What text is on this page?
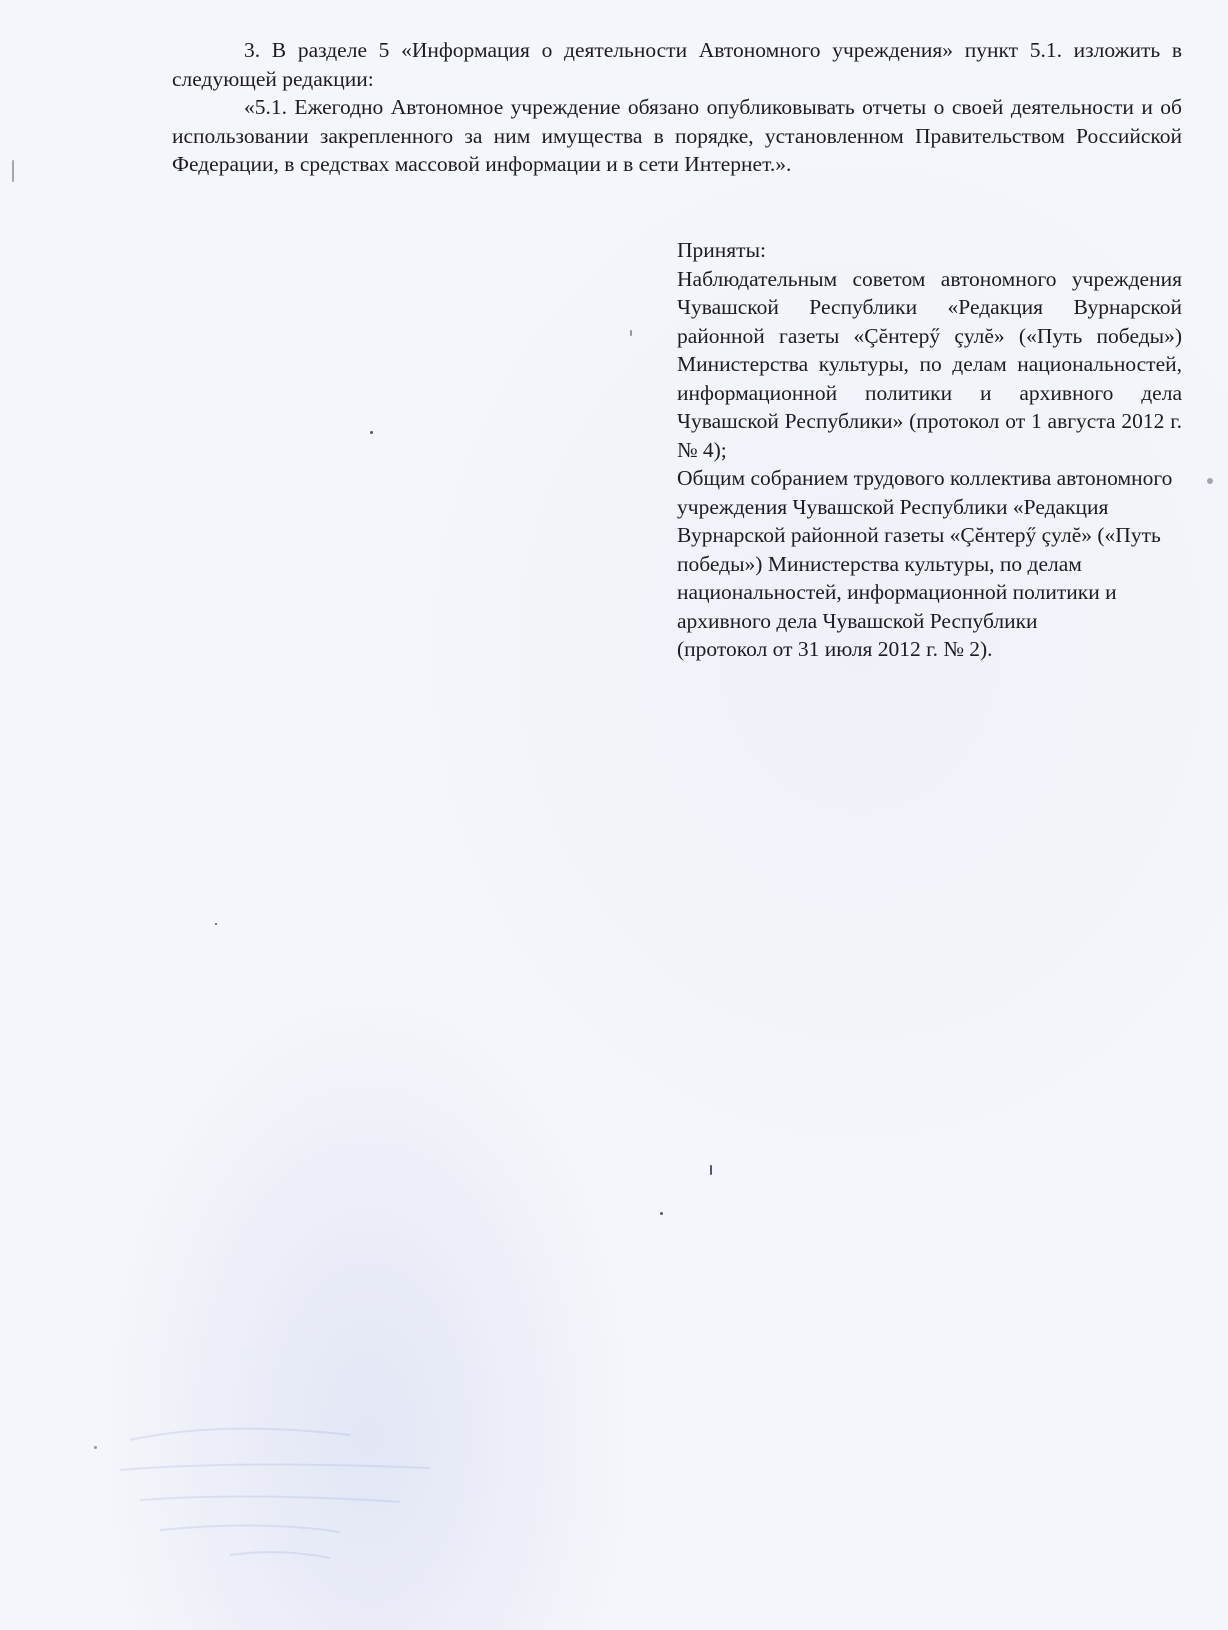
3. В разделе 5 «Информация о деятельности Автономного учреждения» пункт 5.1. изложить в следующей редакции:

«5.1. Ежегодно Автономное учреждение обязано опубликовывать отчеты о своей деятельности и об использовании закрепленного за ним имущества в порядке, установленном Правительством Российской Федерации, в средствах массовой информации и в сети Интернет.».

Приняты:

Наблюдательным советом автономного учреждения Чувашской Республики «Редакция Вурнарской районной газеты «Çĕнтерӳ çулĕ» («Путь победы») Министерства культуры, по делам национальностей, информационной политики и архивного дела Чувашской Республики» (протокол от 1 августа 2012 г. № 4);

Общим собранием трудового коллектива автономного учреждения Чувашской Республики «Редакция Вурнарской районной газеты «Çĕнтерӳ çулĕ» («Путь победы») Министерства культуры, по делам национальностей, информационной политики и архивного дела Чувашской Республики

(протокол от 31 июля 2012 г. № 2).
